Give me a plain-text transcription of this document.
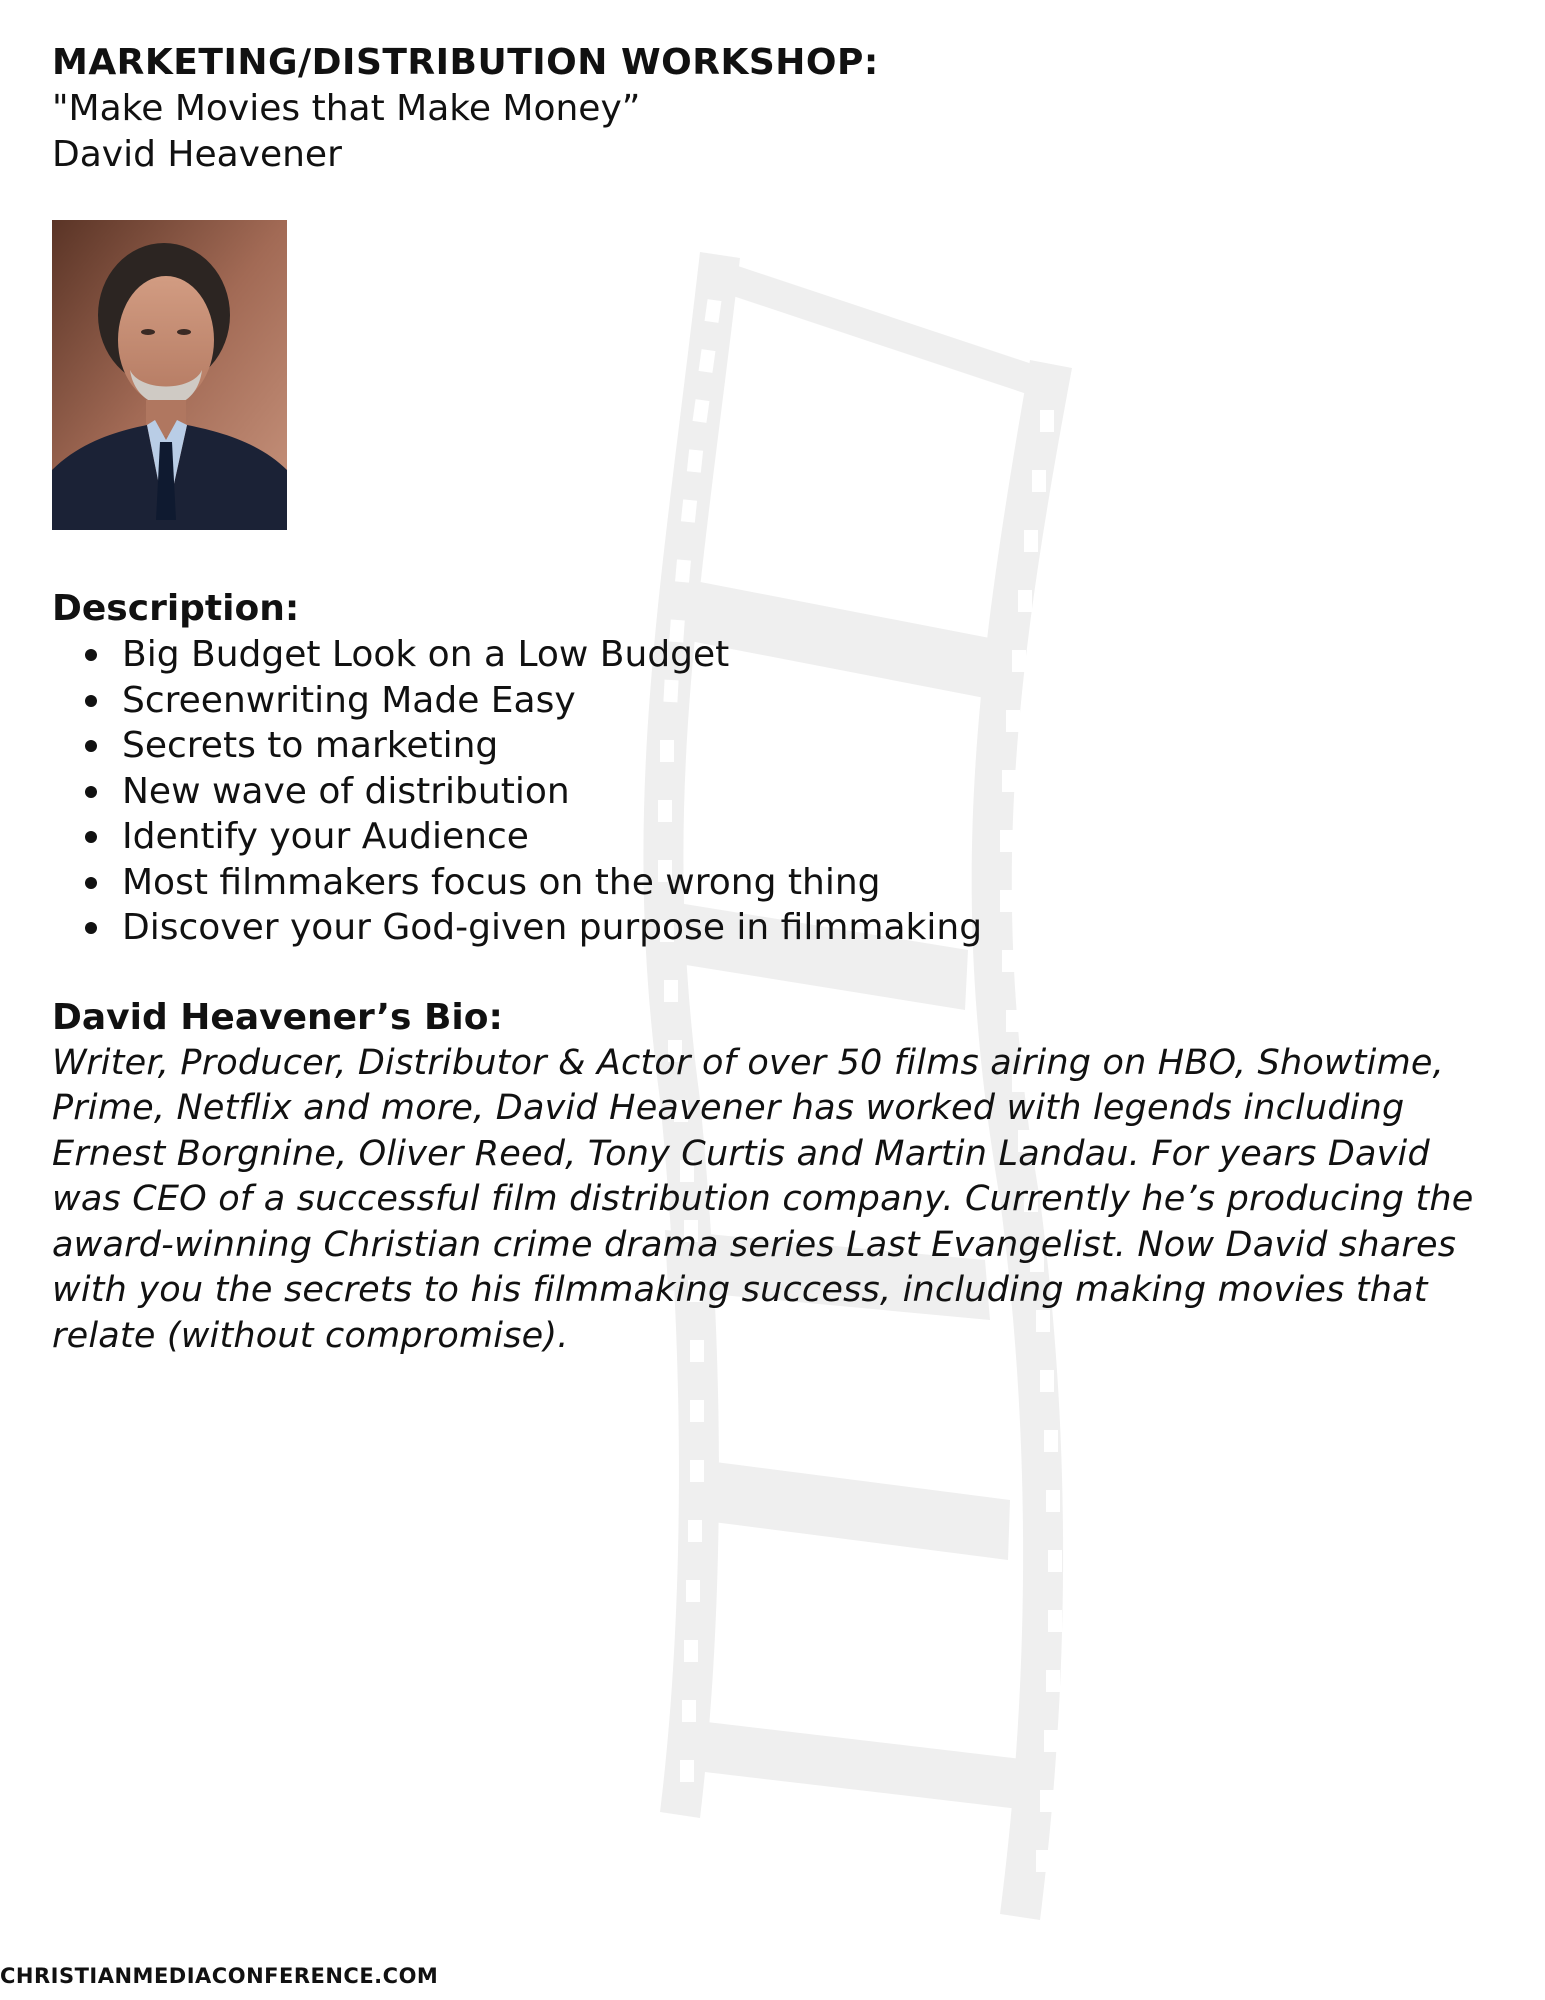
MARKETING/DISTRIBUTION WORKSHOP:

"Make Movies that Make Money”

David Heavener

Description:
Big Budget Look on a Low Budget
Screenwriting Made Easy
Secrets to marketing
New wave of distribution
Identify your Audience
Most filmmakers focus on the wrong thing
Discover your God-given purpose in filmmaking
David Heavener’s Bio:

Writer, Producer, Distributor & Actor of over 50 films airing on HBO, Showtime, Prime, Netflix and more, David Heavener has worked with legends including Ernest Borgnine, Oliver Reed, Tony Curtis and Martin Landau. For years David was CEO of a successful film distribution company. Currently he’s producing the award-winning Christian crime drama series Last Evangelist. Now David shares with you the secrets to his filmmaking success, including making movies that relate (without compromise).

CHRISTIANMEDIACONFERENCE.COM
